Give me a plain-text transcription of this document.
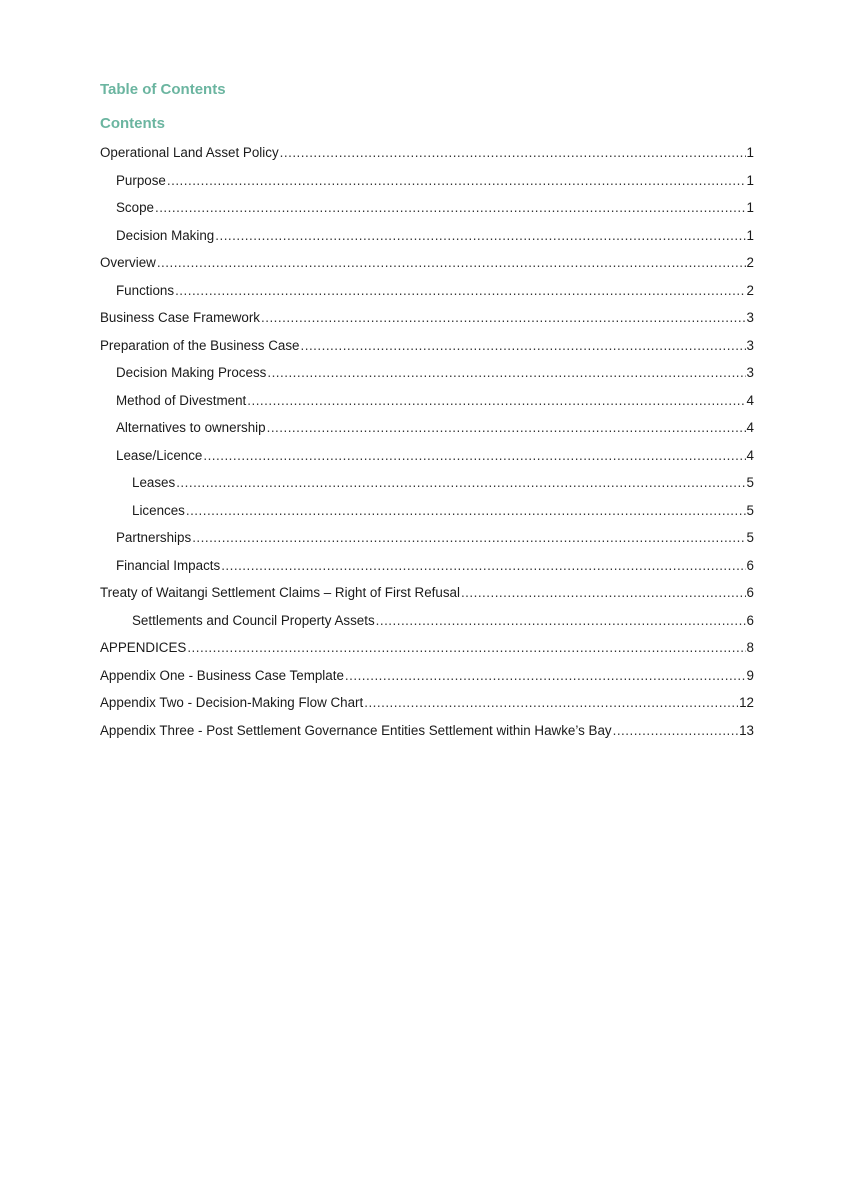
Table of Contents
Contents
Operational Land Asset Policy .....	1
Purpose .....	1
Scope .....	1
Decision Making .....	1
Overview .....	2
Functions .....	2
Business Case Framework .....	3
Preparation of the Business Case .....	3
Decision Making Process .....	3
Method of Divestment .....	4
Alternatives to ownership .....	4
Lease/Licence .....	4
Leases .....	5
Licences .....	5
Partnerships .....	5
Financial Impacts .....	6
Treaty of Waitangi Settlement Claims – Right of First Refusal .....	6
Settlements and Council Property Assets .....	6
APPENDICES .....	8
Appendix One - Business Case Template .....	9
Appendix Two - Decision-Making Flow Chart .....	12
Appendix Three - Post Settlement Governance Entities Settlement within Hawke’s Bay .....	13
